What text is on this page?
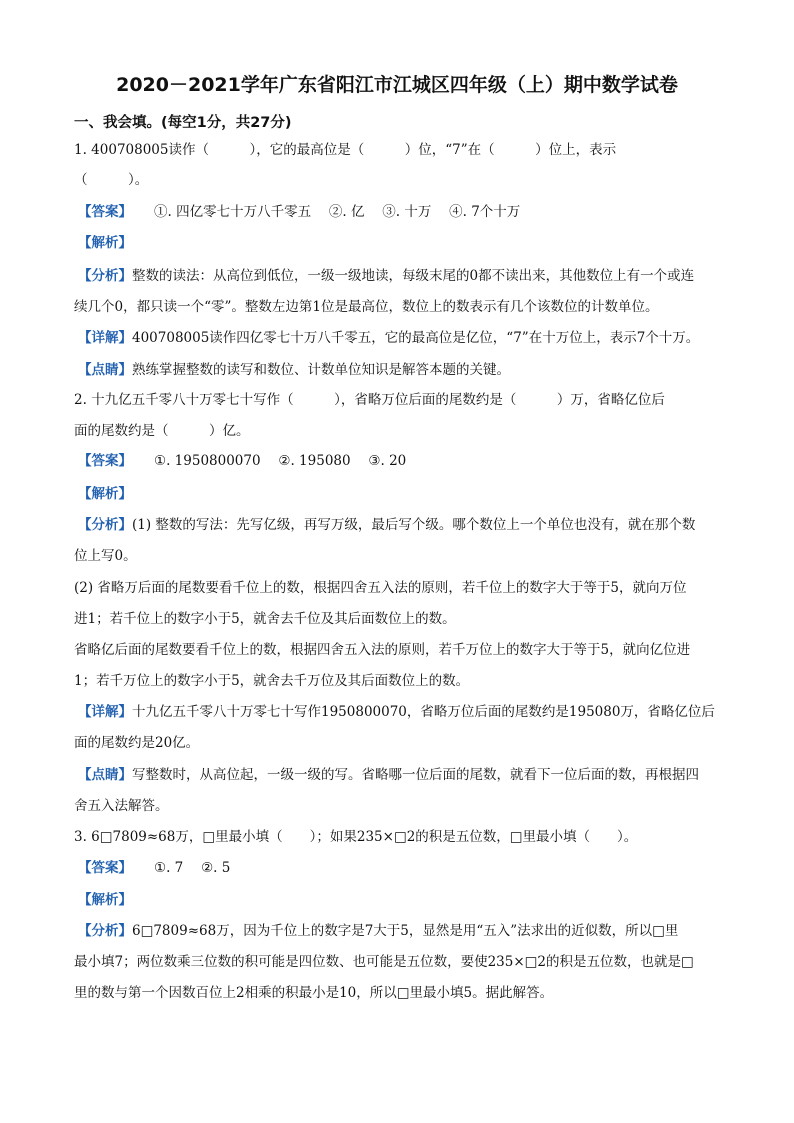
2020－2021学年广东省阳江市江城区四年级（上）期中数学试卷
一、我会填。(每空1分，共27分)
1. 400708005读作（　　　），它的最高位是（　　　）位，“7”在（　　　）位上，表示
（　　　）。
【答案】 ①. 四亿零七十万八千零五　 ②. 亿　 ③. 十万　 ④. 7个十万
【解析】
【分析】整数的读法：从高位到低位，一级一级地读，每级末尾的0都不读出来，其他数位上有一个或连
续几个0，都只读一个“零”。整数左边第1位是最高位，数位上的数表示有几个该数位的计数单位。
【详解】400708005读作四亿零七十万八千零五，它的最高位是亿位，“7”在十万位上，表示7个十万。
【点睛】熟练掌握整数的读写和数位、计数单位知识是解答本题的关键。
2. 十九亿五千零八十万零七十写作（　　　），省略万位后面的尾数约是（　　　）万，省略亿位后
面的尾数约是（　　　）亿。
【答案】 ①. 1950800070　 ②. 195080　 ③. 20
【解析】
【分析】(1) 整数的写法：先写亿级，再写万级，最后写个级。哪个数位上一个单位也没有，就在那个数
位上写0。
(2) 省略万后面的尾数要看千位上的数，根据四舍五入法的原则，若千位上的数字大于等于5，就向万位
进1；若千位上的数字小于5，就舍去千位及其后面数位上的数。
省略亿后面的尾数要看千位上的数，根据四舍五入法的原则，若千万位上的数字大于等于5，就向亿位进
1；若千万位上的数字小于5，就舍去千万位及其后面数位上的数。
【详解】十九亿五千零八十万零七十写作1950800070，省略万位后面的尾数约是195080万，省略亿位后
面的尾数约是20亿。
【点睛】写整数时，从高位起，一级一级的写。省略哪一位后面的尾数，就看下一位后面的数，再根据四
舍五入法解答。
3. 6□7809≈68万，□里最小填（　　）；如果235×□2的积是五位数，□里最小填（　　）。
【答案】 ①. 7　 ②. 5
【解析】
【分析】6□7809≈68万，因为千位上的数字是7大于5，显然是用“五入”法求出的近似数，所以□里
最小填7；两位数乘三位数的积可能是四位数、也可能是五位数，要使235×□2的积是五位数，也就是□
里的数与第一个因数百位上2相乘的积最小是10，所以□里最小填5。据此解答。
